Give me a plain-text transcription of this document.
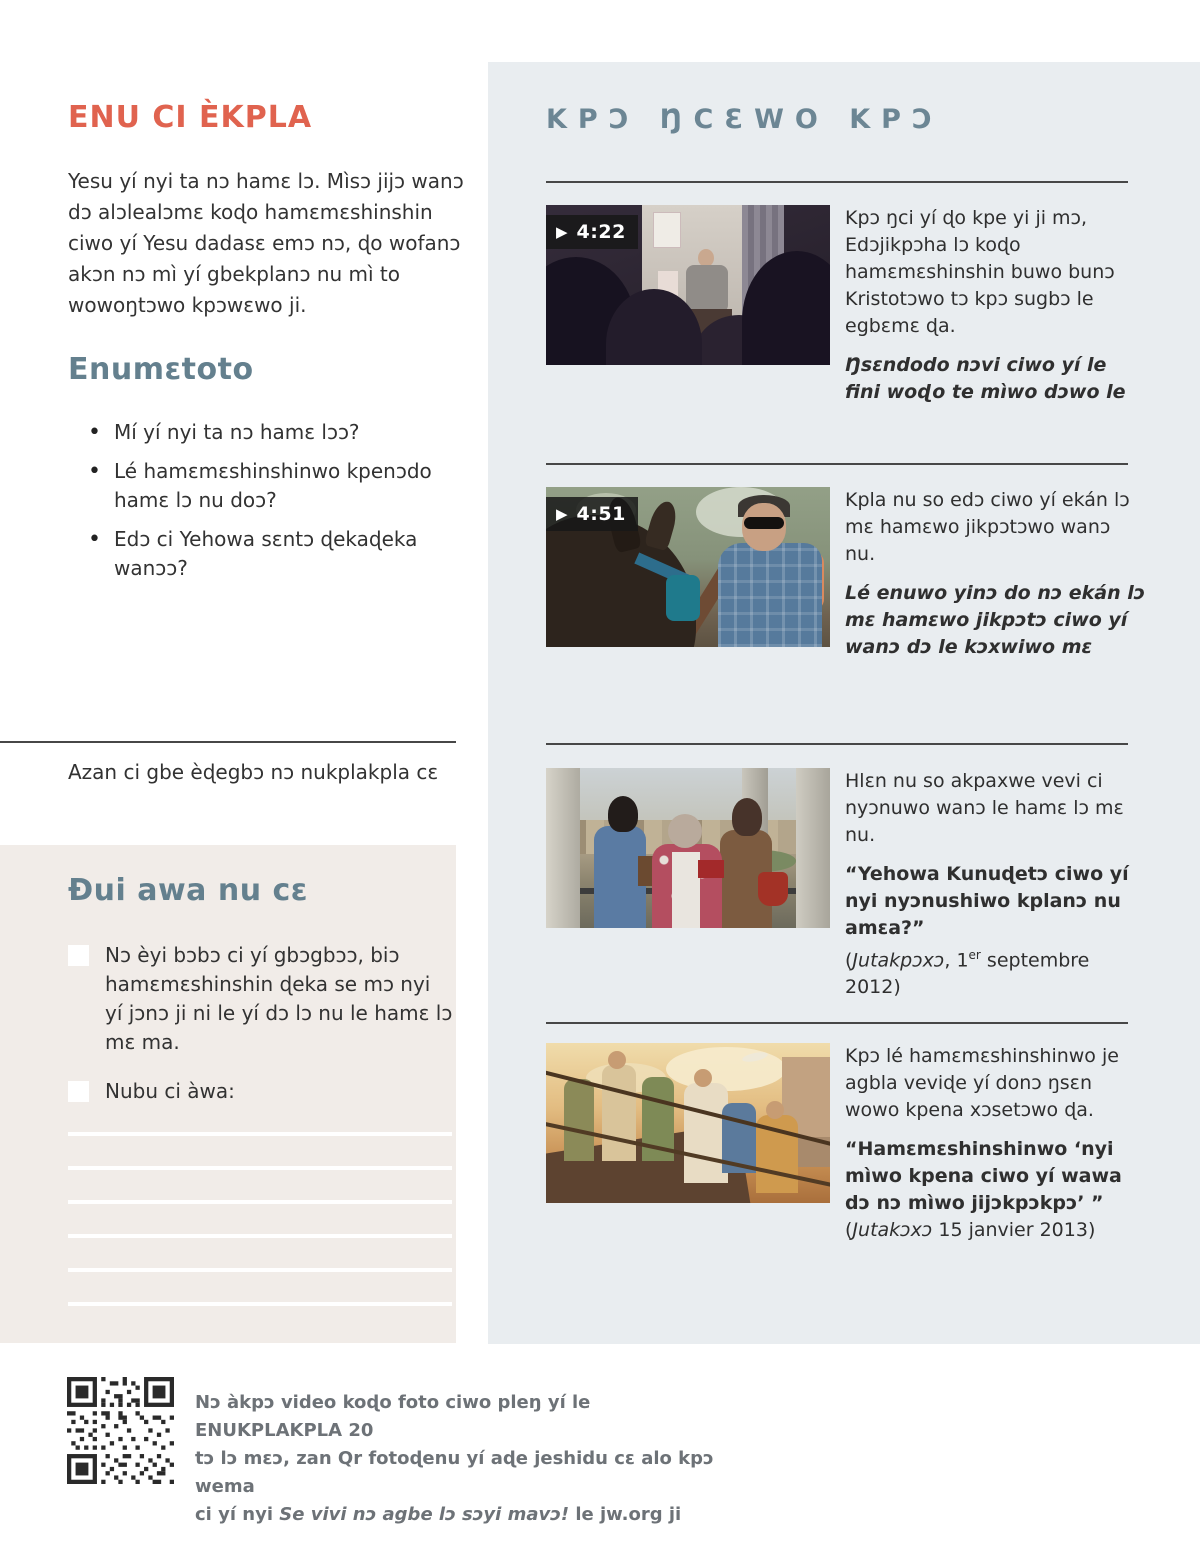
ENU CI ÈKPLA

Yesu yí nyi ta nɔ hamɛ lɔ. Mìsɔ jijɔ wanɔ dɔ alɔlealɔmɛ koɖo hamɛmɛshinshin ciwo yí Yesu dadasɛ emɔ nɔ, ɖo wofanɔ akɔn nɔ mì yí gbekplanɔ nu mì to wowoŋtɔwo kpɔwɛwo ji.

Enumɛtoto
• Mí yí nyi ta nɔ hamɛ lɔɔ?
• Lé hamɛmɛshinshinwo kpenɔdo hamɛ lɔ nu doɔ?
• Edɔ ci Yehowa sɛntɔ ɖekaɖeka wanɔɔ?

Azan ci gbe èɖegbɔ nɔ nukplakpla cɛ

Ðui awa nu cɛ

Nɔ èyi bɔbɔ ci yí gbɔgbɔɔ, biɔ hamɛmɛshinshin ɖeka se mɔ nyi yí jɔnɔ ji ni le yí dɔ lɔ nu le hamɛ lɔ mɛ ma.

Nubu ci àwa:

KPƆ ŊCƐWO KPƆ
▶ 4:22

Kpɔ ŋci yí ɖo kpe yi ji mɔ, Edɔjikpɔha lɔ koɖo hamɛmɛshinshin buwo bunɔ Kristotɔwo tɔ kpɔ sugbɔ le egbɛmɛ ɖa.

Ŋsɛndodo nɔvi ciwo yí le fini woɖo te mìwo dɔwo le

▶ 4:51

Kpla nu so edɔ ciwo yí ekán lɔ mɛ hamɛwo jikpɔtɔwo wanɔ nu.

Lé enuwo yinɔ do nɔ ekán lɔ mɛ hamɛwo jikpɔtɔ ciwo yí wanɔ dɔ le kɔxwiwo mɛ

Hlɛn nu so akpaxwe vevi ci nyɔnuwo wanɔ le hamɛ lɔ mɛ nu.

“Yehowa Kunuɖetɔ ciwo yí nyi nyɔnushiwo kplanɔ nu amɛa?”

(Jutakpɔxɔ, 1er septembre 2012)

Kpɔ lé hamɛmɛshinshinwo je agbla veviɖe yí donɔ ŋsɛn wowo kpena xɔsetɔwo ɖa.

“Hamɛmɛshinshinwo ‘nyi mìwo kpena ciwo yí wawa dɔ nɔ mìwo jijɔkpɔkpɔ’ ”

(Jutakɔxɔ 15 janvier 2013)

Nɔ àkpɔ video koɖo foto ciwo pleŋ yí le ENUKPLAKPLA 20
tɔ lɔ mɛɔ, zan Qr fotoɖenu yí aɖe jeshidu cɛ alo kpɔ wema
ci yí nyi Se vivi nɔ agbe lɔ sɔyi mavɔ! le jw.org ji
